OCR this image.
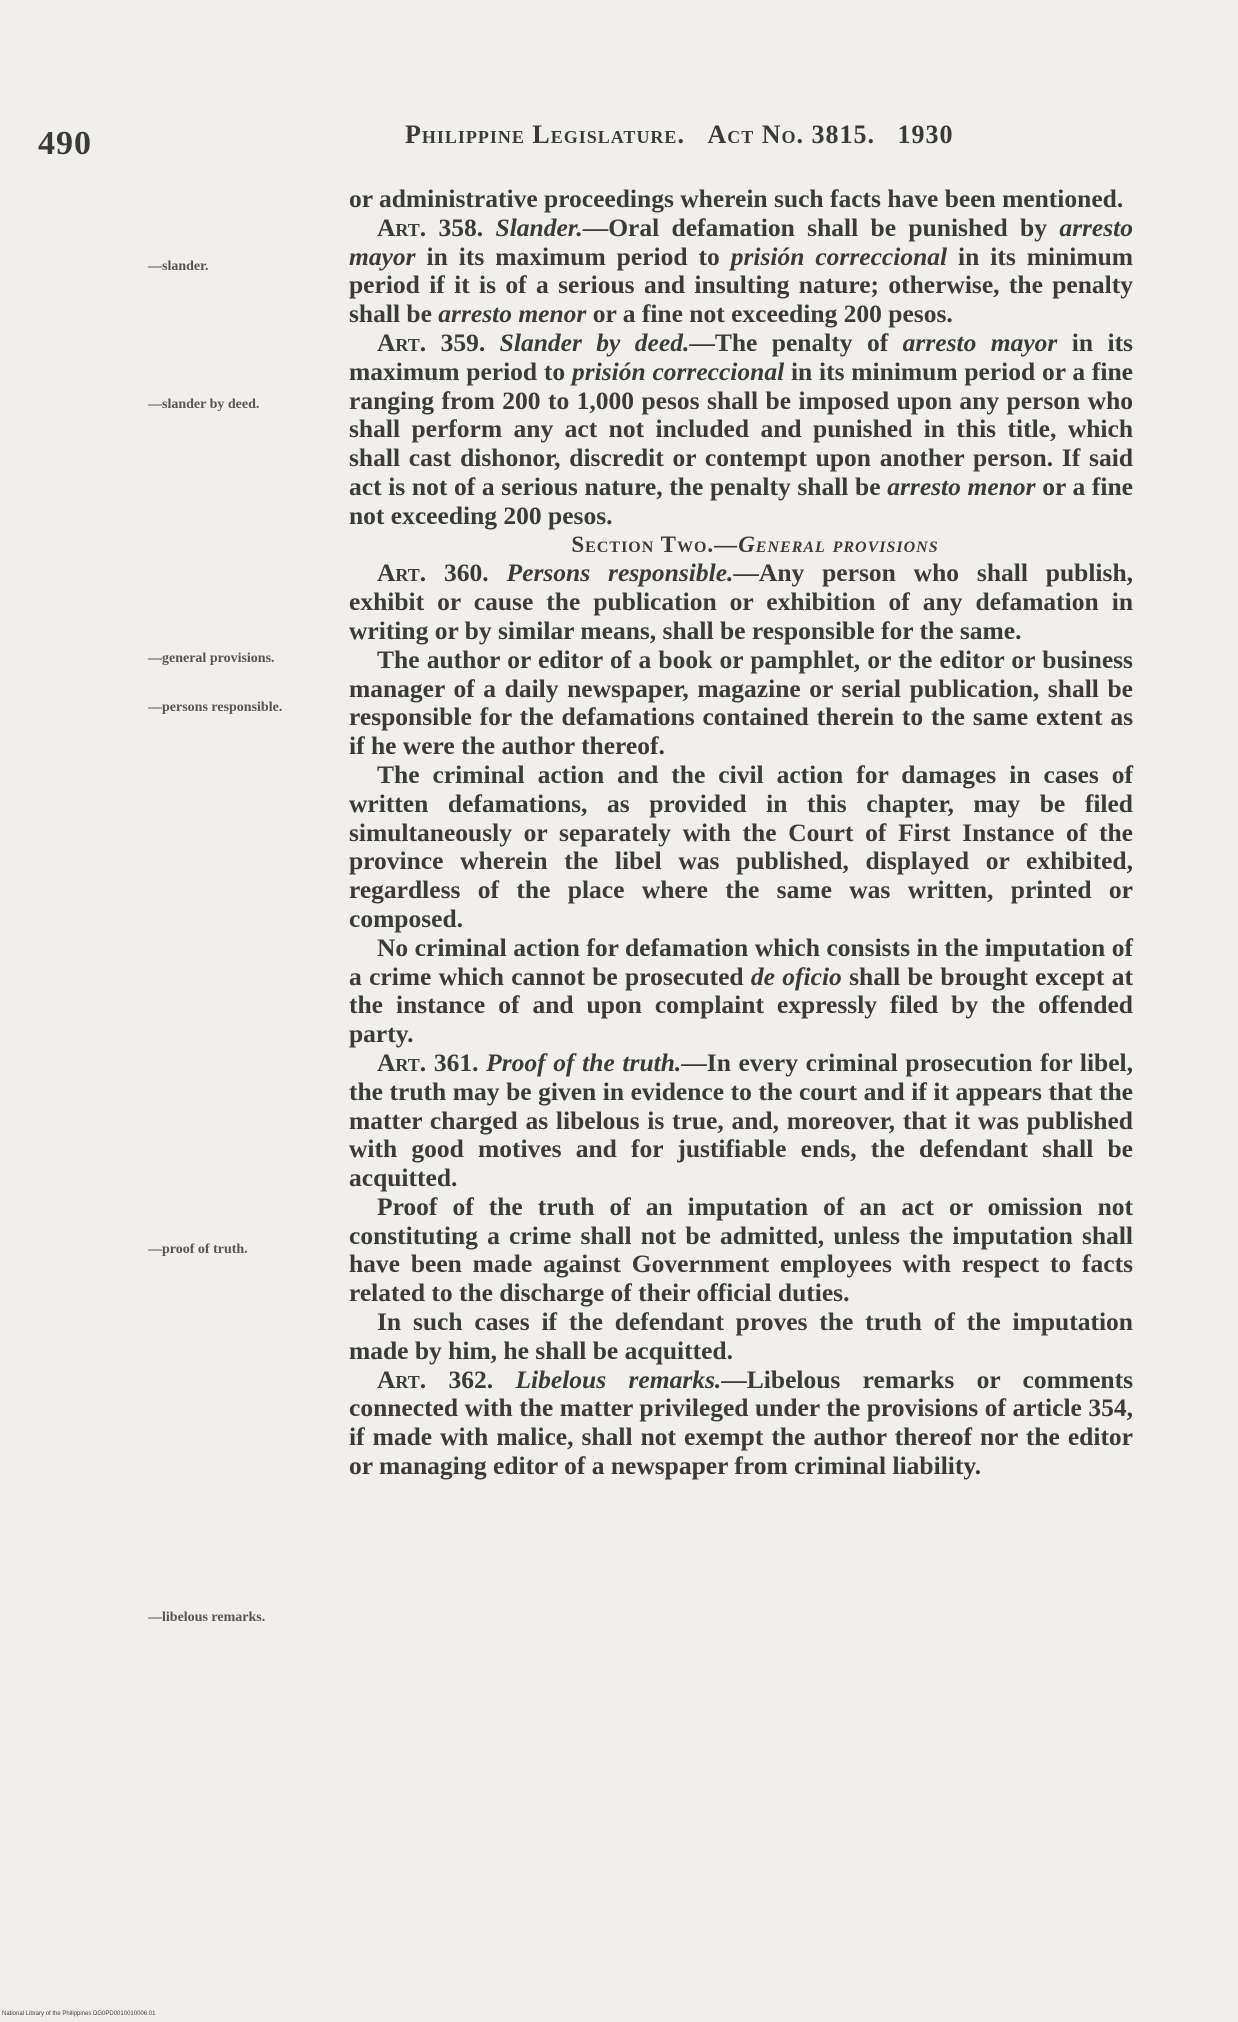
490	Philippine Legislature. Act No. 3815. 1930
—slander.
—slander by deed.
—general provisions.
—persons responsible.
—proof of truth.
—libelous remarks.

or administrative proceedings wherein such facts have been mentioned.

Art. 358. Slander.—Oral defamation shall be punished by arresto mayor in its maximum period to prisión correccional in its minimum period if it is of a serious and insulting nature; otherwise, the penalty shall be arresto menor or a fine not exceeding 200 pesos.

Art. 359. Slander by deed.—The penalty of arresto mayor in its maximum period to prisión correccional in its minimum period or a fine ranging from 200 to 1,000 pesos shall be imposed upon any person who shall perform any act not included and punished in this title, which shall cast dishonor, discredit or contempt upon another person. If said act is not of a serious nature, the penalty shall be arresto menor or a fine not exceeding 200 pesos.

Section Two.—General provisions

Art. 360. Persons responsible.—Any person who shall publish, exhibit or cause the publication or exhibition of any defamation in writing or by similar means, shall be responsible for the same.

The author or editor of a book or pamphlet, or the editor or business manager of a daily newspaper, magazine or serial publication, shall be responsible for the defamations contained therein to the same extent as if he were the author thereof.

The criminal action and the civil action for damages in cases of written defamations, as provided in this chapter, may be filed simultaneously or separately with the Court of First Instance of the province wherein the libel was published, displayed or exhibited, regardless of the place where the same was written, printed or composed.

No criminal action for defamation which consists in the imputation of a crime which cannot be prosecuted de oficio shall be brought except at the instance of and upon complaint expressly filed by the offended party.

Art. 361. Proof of the truth.—In every criminal prosecution for libel, the truth may be given in evidence to the court and if it appears that the matter charged as libelous is true, and, moreover, that it was published with good motives and for justifiable ends, the defendant shall be acquitted.

Proof of the truth of an imputation of an act or omission not constituting a crime shall not be admitted, unless the imputation shall have been made against Government employees with respect to facts related to the discharge of their official duties.

In such cases if the defendant proves the truth of the imputation made by him, he shall be acquitted.

Art. 362. Libelous remarks.—Libelous remarks or comments connected with the matter privileged under the provisions of article 354, if made with malice, shall not exempt the author thereof nor the editor or managing editor of a newspaper from criminal liability.

National Library of the Philippines DG0PD0010010006.01
